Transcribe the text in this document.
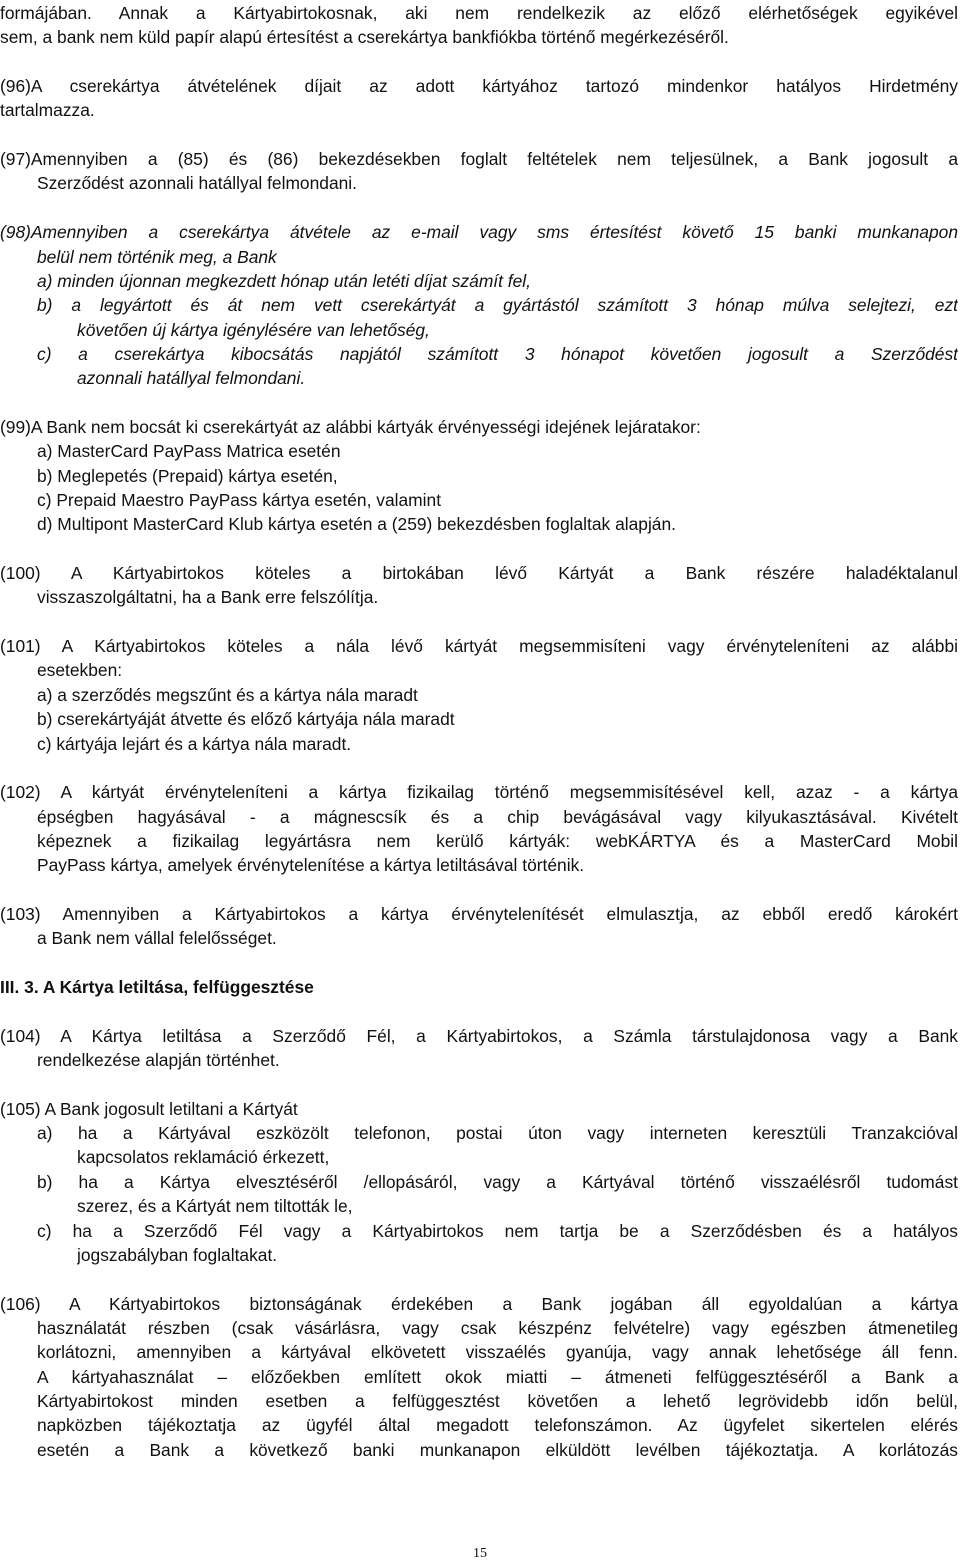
formájában. Annak a Kártyabirtokosnak, aki nem rendelkezik az előző elérhetőségek egyikével
sem, a bank nem küld papír alapú értesítést a cserekártya bankfiókba történő megérkezéséről.
(96)A cserekártya átvételének díjait az adott kártyához tartozó mindenkor hatályos Hirdetmény
tartalmazza.
(97)Amennyiben a (85) és (86) bekezdésekben foglalt feltételek nem teljesülnek, a Bank jogosult a
Szerződést azonnali hatállyal felmondani.
(98)Amennyiben a cserekártya átvétele az e-mail vagy sms értesítést követő 15 banki munkanapon
belül nem történik meg, a Bank
a) minden újonnan megkezdett hónap után letéti díjat számít fel,
b) a legyártott és át nem vett cserekártyát a gyártástól számított 3 hónap múlva selejtezi, ezt
követően új kártya igénylésére van lehetőség,
c) a cserekártya kibocsátás napjától számított 3 hónapot követően jogosult a Szerződést
azonnali hatállyal felmondani.
(99)A Bank nem bocsát ki cserekártyát az alábbi kártyák érvényességi idejének lejáratakor:
a) MasterCard PayPass Matrica esetén
b) Meglepetés (Prepaid) kártya esetén,
c) Prepaid Maestro PayPass kártya esetén, valamint
d) Multipont MasterCard Klub kártya esetén a (259) bekezdésben foglaltak alapján.
(100) A Kártyabirtokos köteles a birtokában lévő Kártyát a Bank részére haladéktalanul
visszaszolgáltatni, ha a Bank erre felszólítja.
(101) A Kártyabirtokos köteles a nála lévő kártyát megsemmisíteni vagy érvényteleníteni az alábbi
esetekben:
a) a szerződés megszűnt és a kártya nála maradt
b) cserekártyáját átvette és előző kártyája nála maradt
c) kártyája lejárt és a kártya nála maradt.
(102) A kártyát érvényteleníteni a kártya fizikailag történő megsemmisítésével kell, azaz - a kártya
épségben hagyásával - a mágnescsík és a chip bevágásával vagy kilyukasztásával. Kivételt
képeznek a fizikailag legyártásra nem kerülő kártyák: webKÁRTYA és a MasterCard Mobil
PayPass kártya, amelyek érvénytelenítése a kártya letiltásával történik.
(103) Amennyiben a Kártyabirtokos a kártya érvénytelenítését elmulasztja, az ebből eredő károkért
a Bank nem vállal felelősséget.
III. 3. A Kártya letiltása, felfüggesztése
(104) A Kártya letiltása a Szerződő Fél, a Kártyabirtokos, a Számla társtulajdonosa vagy a Bank
rendelkezése alapján történhet.
(105) A Bank jogosult letiltani a Kártyát
a) ha a Kártyával eszközölt telefonon, postai úton vagy interneten keresztüli Tranzakcióval
kapcsolatos reklamáció érkezett,
b) ha a Kártya elvesztéséről /ellopásáról, vagy a Kártyával történő visszaélésről tudomást
szerez, és a Kártyát nem tiltották le,
c) ha a Szerződő Fél vagy a Kártyabirtokos nem tartja be a Szerződésben és a hatályos
jogszabályban foglaltakat.
(106) A Kártyabirtokos biztonságának érdekében a Bank jogában áll egyoldalúan a kártya
használatát részben (csak vásárlásra, vagy csak készpénz felvételre) vagy egészben átmenetileg
korlátozni, amennyiben a kártyával elkövetett visszaélés gyanúja, vagy annak lehetősége áll fenn.
A kártyahasználat – előzőekben említett okok miatti – átmeneti felfüggesztéséről a Bank a
Kártyabirtokost minden esetben a felfüggesztést követően a lehető legrövidebb időn belül,
napközben tájékoztatja az ügyfél által megadott telefonszámon. Az ügyfelet sikertelen elérés
esetén a Bank a következő banki munkanapon elküldött levélben tájékoztatja. A korlátozás
15
